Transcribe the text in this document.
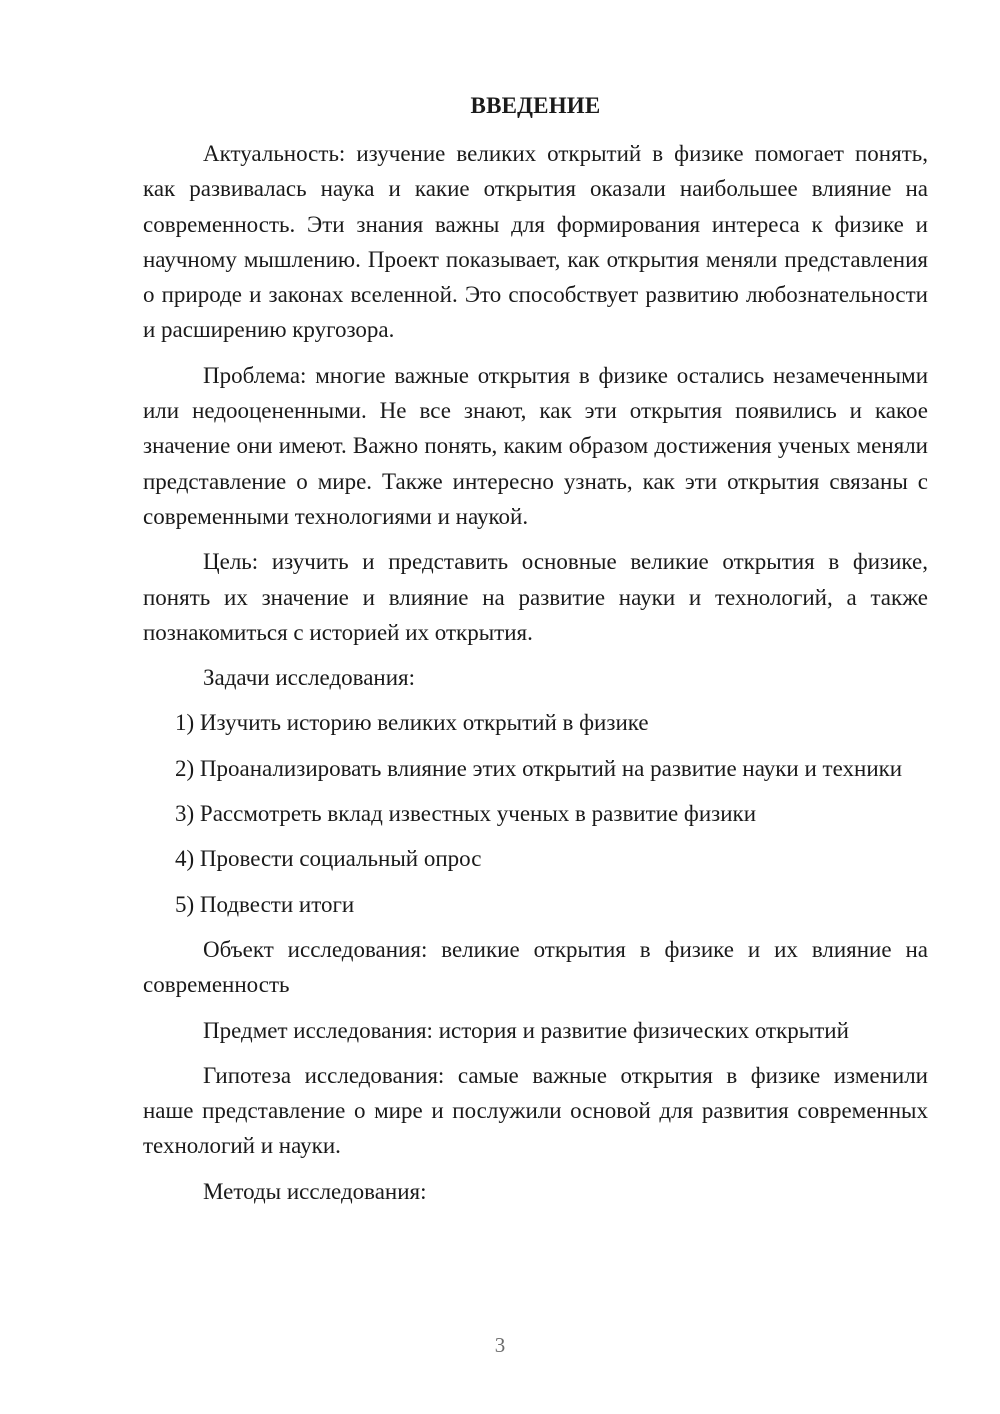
ВВЕДЕНИЕ

Актуальность: изучение великих открытий в физике помогает понять, как развивалась наука и какие открытия оказали наибольшее влияние на современность. Эти знания важны для формирования интереса к физике и научному мышлению. Проект показывает, как открытия меняли представления о природе и законах вселенной. Это способствует развитию любознательности и расширению кругозора.

Проблема: многие важные открытия в физике остались незамеченными или недооцененными. Не все знают, как эти открытия появились и какое значение они имеют. Важно понять, каким образом достижения ученых меняли представление о мире. Также интересно узнать, как эти открытия связаны с современными технологиями и наукой.

Цель: изучить и представить основные великие открытия в физике, понять их значение и влияние на развитие науки и технологий, а также познакомиться с историей их открытия.

Задачи исследования:

1) Изучить историю великих открытий в физике

2) Проанализировать влияние этих открытий на развитие науки и техники

3) Рассмотреть вклад известных ученых в развитие физики

4) Провести социальный опрос

5) Подвести итоги

Объект исследования: великие открытия в физике и их влияние на современность

Предмет исследования: история и развитие физических открытий

Гипотеза исследования: самые важные открытия в физике изменили наше представление о мире и послужили основой для развития современных технологий и науки.

Методы исследования:

3
